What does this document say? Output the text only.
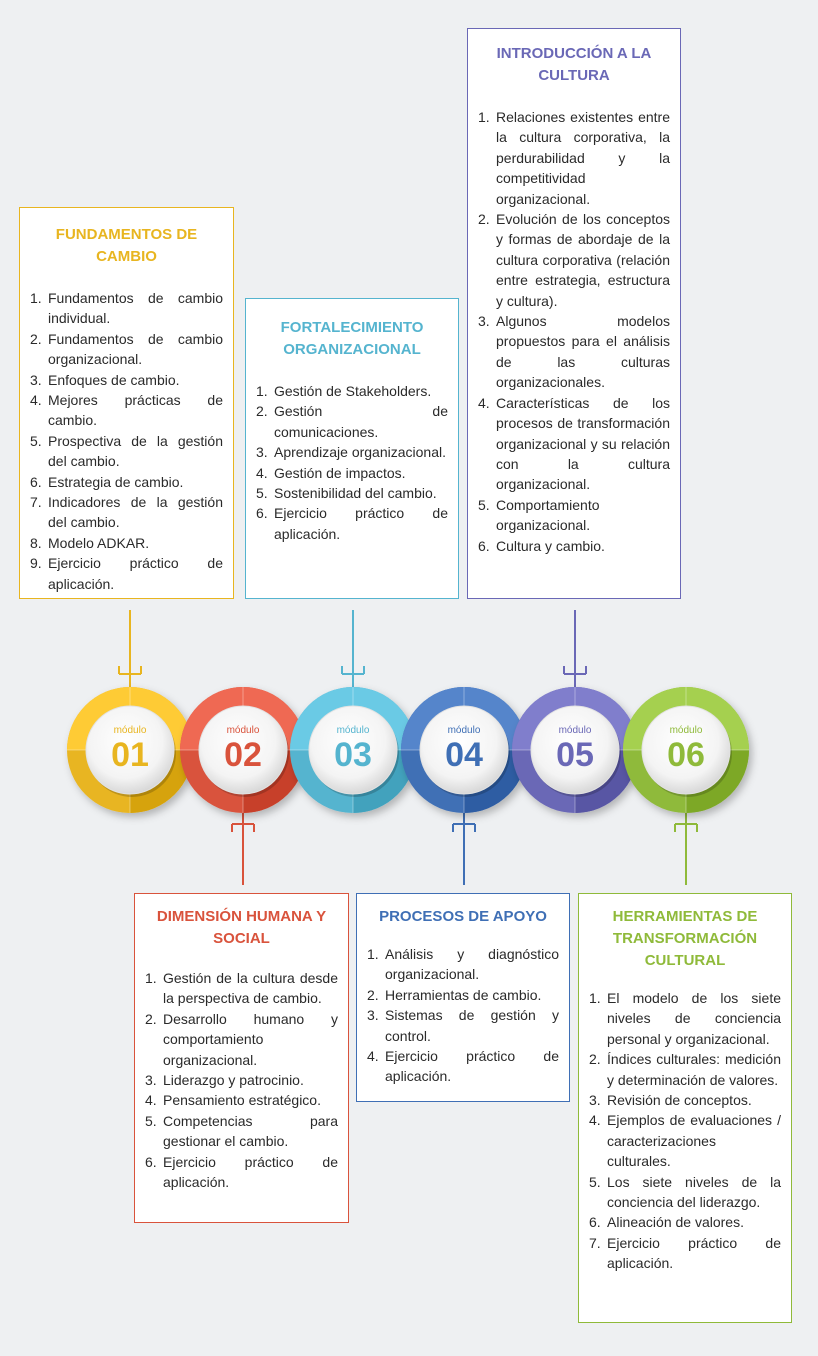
FUNDAMENTOS DE CAMBIO
1. Fundamentos de cambio individual.
2. Fundamentos de cambio organizacional.
3. Enfoques de cambio.
4. Mejores prácticas de cambio.
5. Prospectiva de la gestión del cambio.
6. Estrategia de cambio.
7. Indicadores de la gestión del cambio.
8. Modelo ADKAR.
9. Ejercicio práctico de aplicación.
FORTALECIMIENTO ORGANIZACIONAL
1. Gestión de Stakeholders.
2. Gestión de comunicaciones.
3. Aprendizaje organizacional.
4. Gestión de impactos.
5. Sostenibilidad del cambio.
6. Ejercicio práctico de aplicación.
INTRODUCCIÓN A LA CULTURA
1. Relaciones existentes entre la cultura corporativa, la perdurabilidad y la competitividad organizacional.
2. Evolución de los conceptos y formas de abordaje de la cultura corporativa (relación entre estrategia, estructura y cultura).
3. Algunos modelos propuestos para el análisis de las culturas organizacionales.
4. Características de los procesos de transformación organizacional y su relación con la cultura organizacional.
5. Comportamiento organizacional.
6. Cultura y cambio.
DIMENSIÓN HUMANA Y SOCIAL
1. Gestión de la cultura desde la perspectiva de cambio.
2. Desarrollo humano y comportamiento organizacional.
3. Liderazgo y patrocinio.
4. Pensamiento estratégico.
5. Competencias para gestionar el cambio.
6. Ejercicio práctico de aplicación.
PROCESOS DE APOYO
1. Análisis y diagnóstico organizacional.
2. Herramientas de cambio.
3. Sistemas de gestión y control.
4. Ejercicio práctico de aplicación.
HERRAMIENTAS DE TRANSFORMACIÓN CULTURAL
1. El modelo de los siete niveles de conciencia personal y organizacional.
2. Índices culturales: medición y determinación de valores.
3. Revisión de conceptos.
4. Ejemplos de evaluaciones / caracterizaciones culturales.
5. Los siete niveles de la conciencia del liderazgo.
6. Alineación de valores.
7. Ejercicio práctico de aplicación.
módulo
01
módulo
02
módulo
03
módulo
04
módulo
05
módulo
06
